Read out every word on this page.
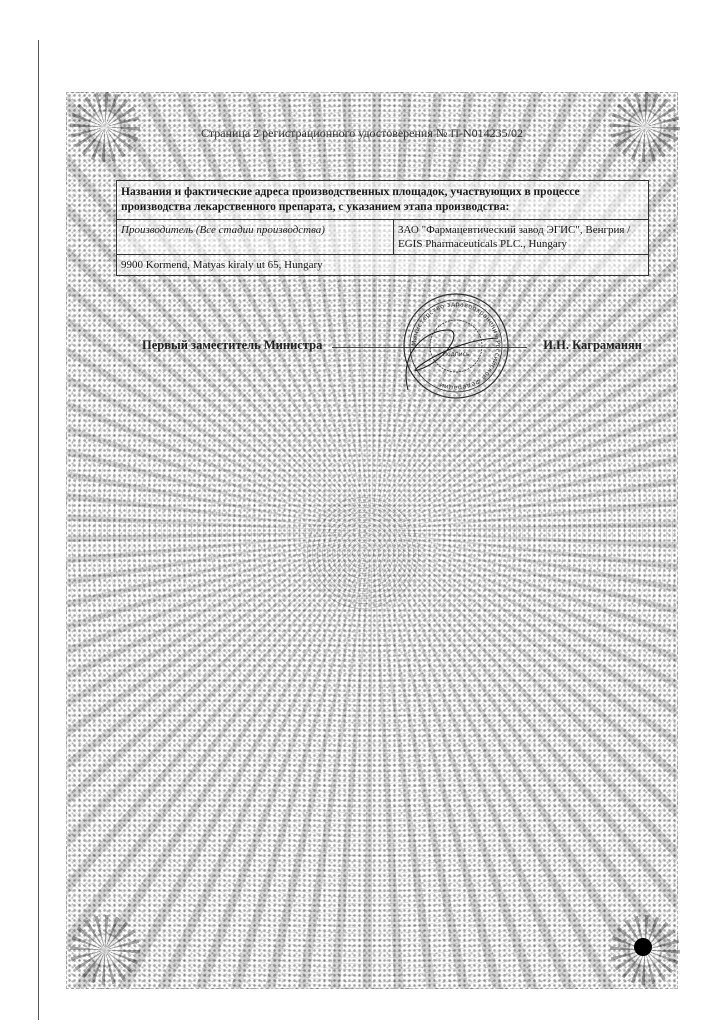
Страница 2 регистрационного удостоверения № П-N014235/02
Названия и фактические адреса производственных площадок, участвующих в процессе производства лекарственного препарата, с указанием этапа производства:
Производитель (Все стадии производства)	ЗАО "Фармацевтический завод ЭГИС", Венгрия /
EGIS Pharmaceuticals PLC., Hungary
9900 Kormend, Matyas kiraly ut 65, Hungary
Первый заместитель Министра	И.Н. Каграманян
Министерство здравоохранения Российской Федерации
Подпись
